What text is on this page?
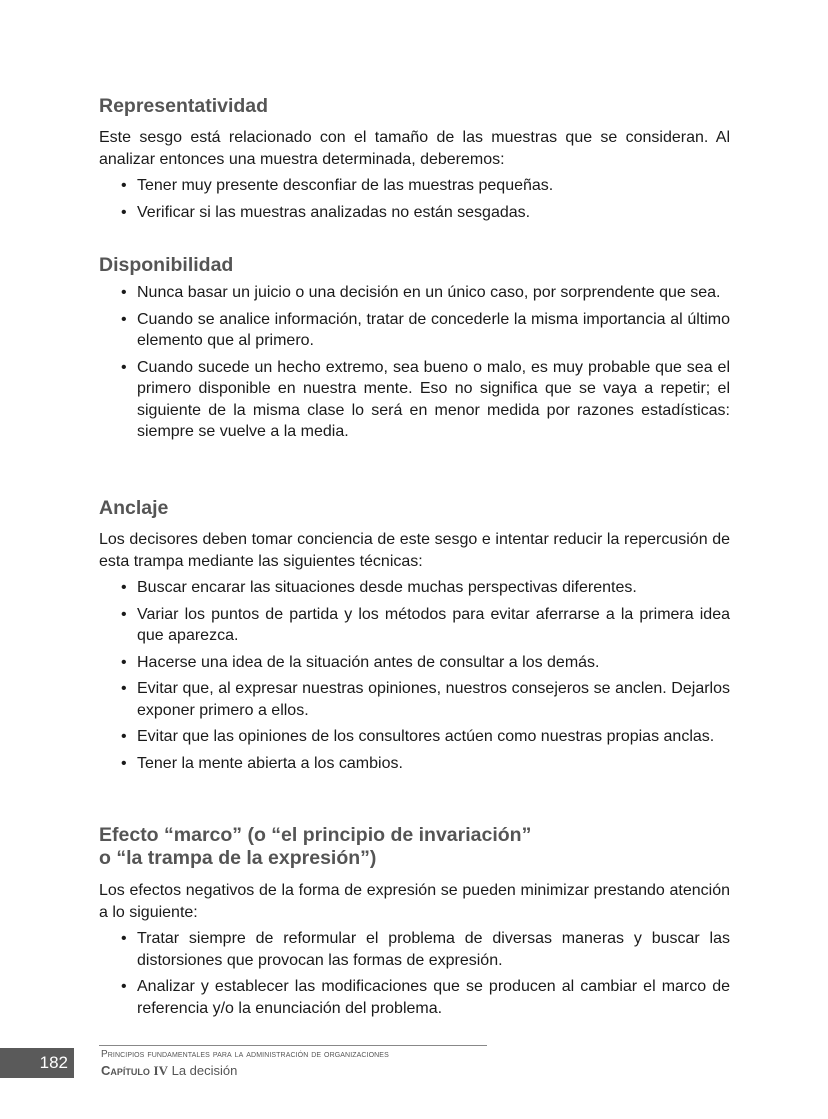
Representatividad

Este sesgo está relacionado con el tamaño de las muestras que se consideran. Al analizar entonces una muestra determinada, deberemos:

• Tener muy presente desconfiar de las muestras pequeñas.
• Verificar si las muestras analizadas no están sesgadas.
Disponibilidad
• Nunca basar un juicio o una decisión en un único caso, por sorprendente que sea.
• Cuando se analice información, tratar de concederle la misma importancia al último elemento que al primero.
• Cuando sucede un hecho extremo, sea bueno o malo, es muy probable que sea el primero disponible en nuestra mente. Eso no significa que se vaya a repetir; el siguiente de la misma clase lo será en menor medida por razones estadísticas: siempre se vuelve a la media.
Anclaje

Los decisores deben tomar conciencia de este sesgo e intentar reducir la repercusión de esta trampa mediante las siguientes técnicas:

• Buscar encarar las situaciones desde muchas perspectivas diferentes.
• Variar los puntos de partida y los métodos para evitar aferrarse a la primera idea que aparezca.
• Hacerse una idea de la situación antes de consultar a los demás.
• Evitar que, al expresar nuestras opiniones, nuestros consejeros se anclen. Dejarlos exponer primero a ellos.
• Evitar que las opiniones de los consultores actúen como nuestras propias anclas.
• Tener la mente abierta a los cambios.
Efecto “marco” (o “el principio de invariación”
o “la trampa de la expresión”)

Los efectos negativos de la forma de expresión se pueden minimizar prestando atención a lo siguiente:

• Tratar siempre de reformular el problema de diversas maneras y buscar las distorsiones que provocan las formas de expresión.
• Analizar y establecer las modificaciones que se producen al cambiar el marco de referencia y/o la enunciación del problema.
182	Principios fundamentales para la administración de organizaciones
Capítulo IV La decisión
